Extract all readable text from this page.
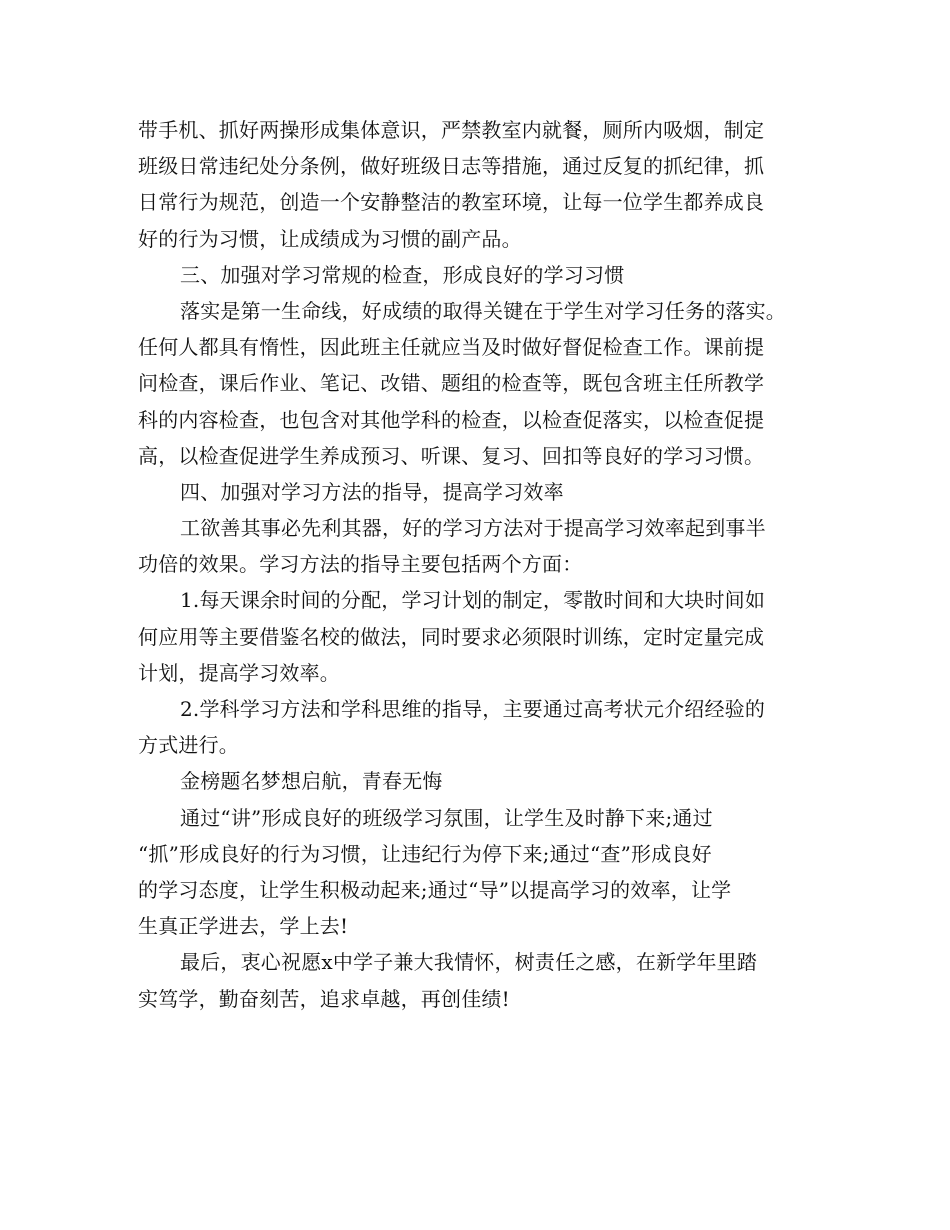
带手机、抓好两操形成集体意识，严禁教室内就餐，厕所内吸烟，制定
班级日常违纪处分条例，做好班级日志等措施，通过反复的抓纪律，抓
日常行为规范，创造一个安静整洁的教室环境，让每一位学生都养成良
好的行为习惯，让成绩成为习惯的副产品。
三、加强对学习常规的检查，形成良好的学习习惯
落实是第一生命线，好成绩的取得关键在于学生对学习任务的落实。
任何人都具有惰性，因此班主任就应当及时做好督促检查工作。课前提
问检查，课后作业、笔记、改错、题组的检查等，既包含班主任所教学
科的内容检查，也包含对其他学科的检查，以检查促落实，以检查促提
高，以检查促进学生养成预习、听课、复习、回扣等良好的学习习惯。
四、加强对学习方法的指导，提高学习效率
工欲善其事必先利其器，好的学习方法对于提高学习效率起到事半
功倍的效果。学习方法的指导主要包括两个方面：
1.每天课余时间的分配，学习计划的制定，零散时间和大块时间如
何应用等主要借鉴名校的做法，同时要求必须限时训练，定时定量完成
计划，提高学习效率。
2.学科学习方法和学科思维的指导，主要通过高考状元介绍经验的
方式进行。
金榜题名梦想启航，青春无悔
通过“讲”形成良好的班级学习氛围，让学生及时静下来;通过
“抓”形成良好的行为习惯，让违纪行为停下来;通过“查”形成良好
的学习态度，让学生积极动起来;通过“导”以提高学习的效率，让学
生真正学进去，学上去!
最后，衷心祝愿x中学子兼大我情怀，树责任之感，在新学年里踏
实笃学，勤奋刻苦，追求卓越，再创佳绩!
